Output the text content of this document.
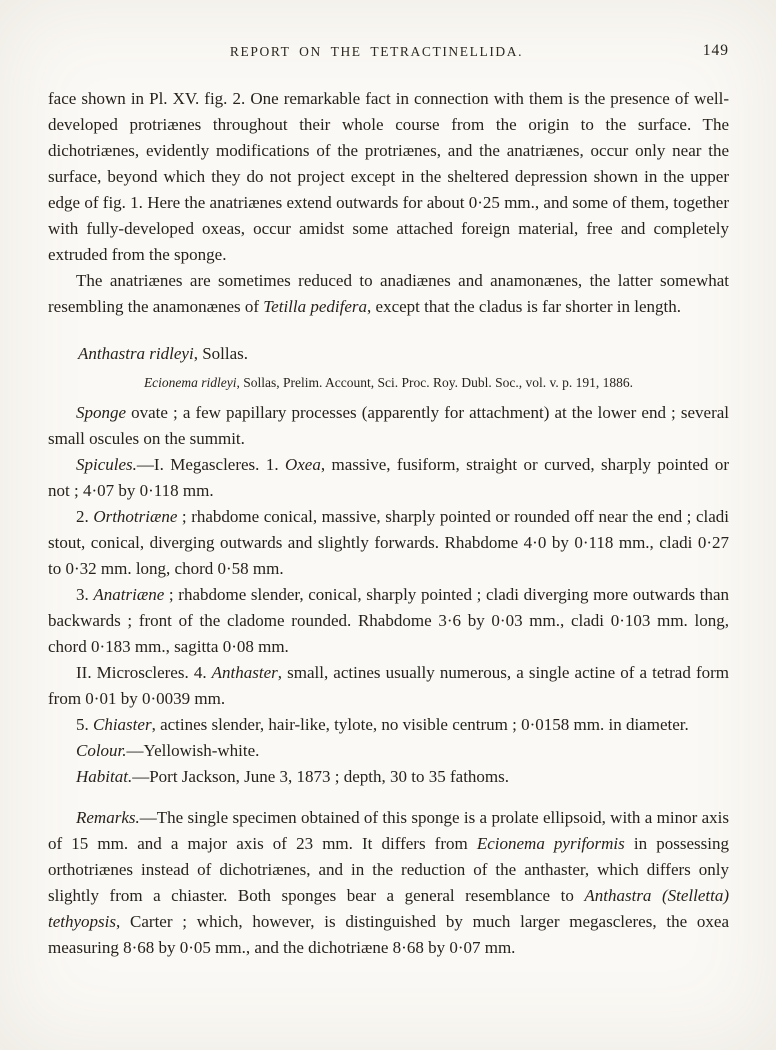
REPORT ON THE TETRACTINELLIDA.	149

face shown in Pl. XV. fig. 2. One remarkable fact in connection with them is the presence of well-developed protriænes throughout their whole course from the origin to the surface. The dichotriænes, evidently modifications of the protriænes, and the anatriænes, occur only near the surface, beyond which they do not project except in the sheltered depression shown in the upper edge of fig. 1. Here the anatriænes extend outwards for about 0·25 mm., and some of them, together with fully-developed oxeas, occur amidst some attached foreign material, free and completely extruded from the sponge.

The anatriænes are sometimes reduced to anadiænes and anamonænes, the latter somewhat resembling the anamonænes of Tetilla pedifera, except that the cladus is far shorter in length.

Anthastra ridleyi, Sollas.

Ecionema ridleyi, Sollas, Prelim. Account, Sci. Proc. Roy. Dubl. Soc., vol. v. p. 191, 1886.

Sponge ovate ; a few papillary processes (apparently for attachment) at the lower end ; several small oscules on the summit.

Spicules.—I. Megascleres. 1. Oxea, massive, fusiform, straight or curved, sharply pointed or not ; 4·07 by 0·118 mm.

2. Orthotriæne ; rhabdome conical, massive, sharply pointed or rounded off near the end ; cladi stout, conical, diverging outwards and slightly forwards. Rhabdome 4·0 by 0·118 mm., cladi 0·27 to 0·32 mm. long, chord 0·58 mm.

3. Anatriæne ; rhabdome slender, conical, sharply pointed ; cladi diverging more outwards than backwards ; front of the cladome rounded. Rhabdome 3·6 by 0·03 mm., cladi 0·103 mm. long, chord 0·183 mm., sagitta 0·08 mm.

II. Microscleres. 4. Anthaster, small, actines usually numerous, a single actine of a tetrad form from 0·01 by 0·0039 mm.

5. Chiaster, actines slender, hair-like, tylote, no visible centrum ; 0·0158 mm. in diameter.

Colour.—Yellowish-white.

Habitat.—Port Jackson, June 3, 1873 ; depth, 30 to 35 fathoms.

Remarks.—The single specimen obtained of this sponge is a prolate ellipsoid, with a minor axis of 15 mm. and a major axis of 23 mm. It differs from Ecionema pyriformis in possessing orthotriænes instead of dichotriænes, and in the reduction of the anthaster, which differs only slightly from a chiaster. Both sponges bear a general resemblance to Anthastra (Stelletta) tethyopsis, Carter ; which, however, is distinguished by much larger megascleres, the oxea measuring 8·68 by 0·05 mm., and the dichotriæne 8·68 by 0·07 mm.
